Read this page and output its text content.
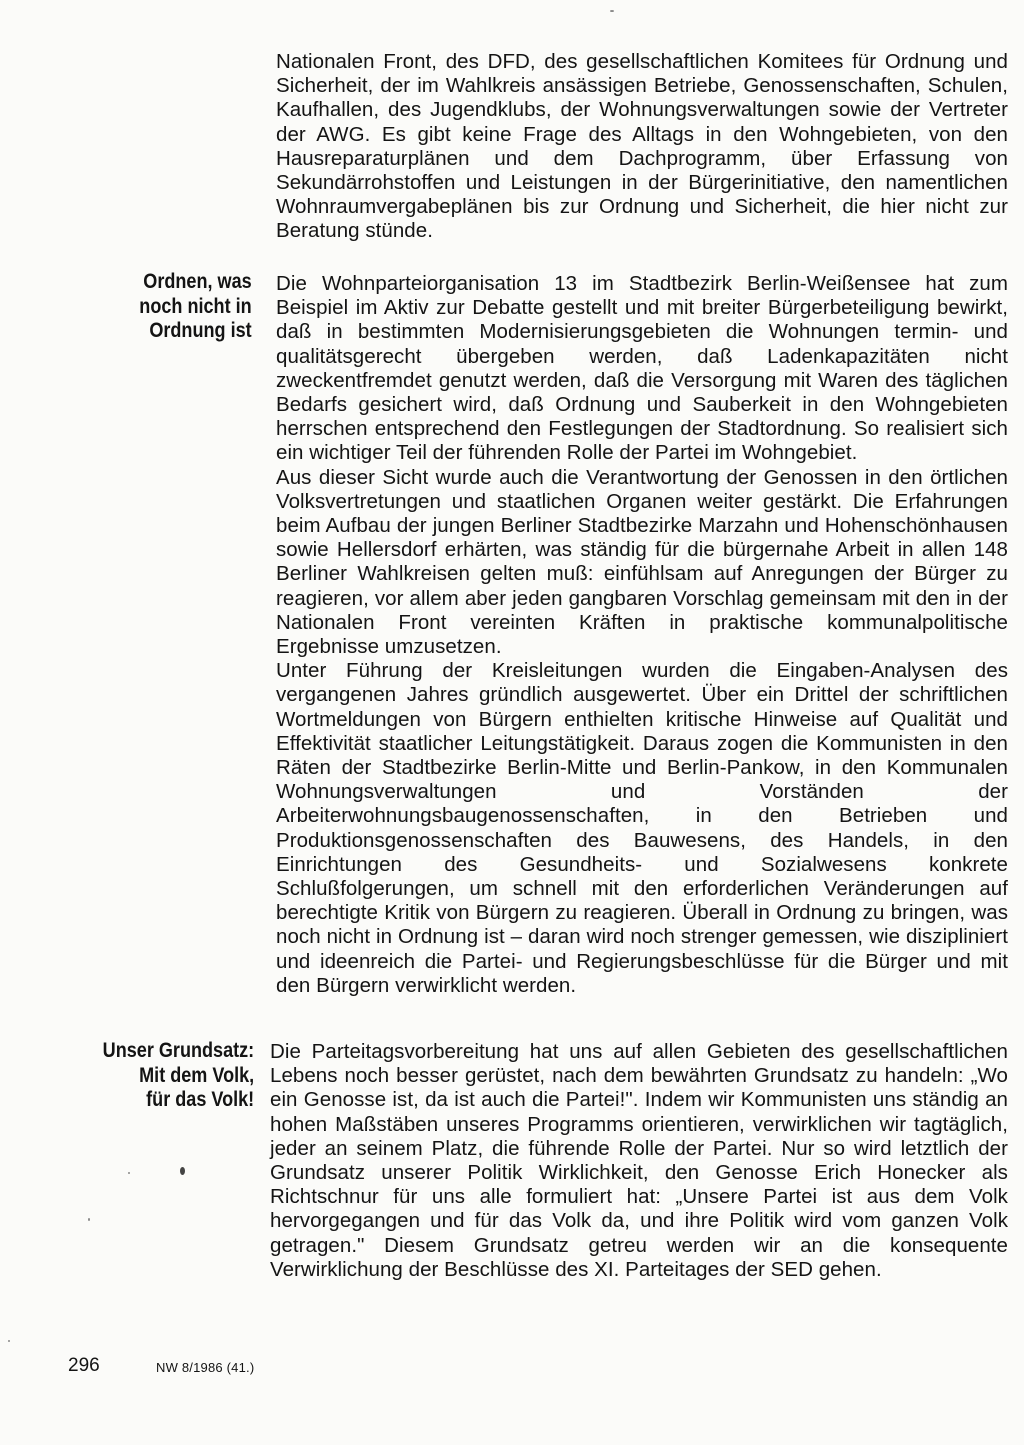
Nationalen Front, des DFD, des gesellschaftlichen Komitees für Ordnung und Sicherheit, der im Wahlkreis ansässigen Betriebe, Genossenschaften, Schulen, Kaufhallen, des Jugendklubs, der Wohnungsverwaltungen sowie der Vertreter der AWG. Es gibt keine Frage des Alltags in den Wohngebieten, von den Hausreparaturplänen und dem Dachprogramm, über Erfassung von Sekundärrohstoffen und Leistungen in der Bürgerinitiative, den namentlichen Wohnraumvergabeplänen bis zur Ordnung und Sicherheit, die hier nicht zur Beratung stünde.

Ordnen, was
noch nicht in
Ordnung ist

Die Wohnparteiorganisation 13 im Stadtbezirk Berlin-Weißensee hat zum Beispiel im Aktiv zur Debatte gestellt und mit breiter Bürgerbeteiligung bewirkt, daß in bestimmten Modernisierungsgebieten die Wohnungen termin- und qualitätsgerecht übergeben werden, daß Ladenkapazitäten nicht zweckentfremdet genutzt werden, daß die Versorgung mit Waren des täglichen Bedarfs gesichert wird, daß Ordnung und Sauberkeit in den Wohngebieten herrschen entsprechend den Festlegungen der Stadtordnung. So realisiert sich ein wichtiger Teil der führenden Rolle der Partei im Wohngebiet.

Aus dieser Sicht wurde auch die Verantwortung der Genossen in den örtlichen Volksvertretungen und staatlichen Organen weiter gestärkt. Die Erfahrungen beim Aufbau der jungen Berliner Stadtbezirke Marzahn und Hohenschönhausen sowie Hellersdorf erhärten, was ständig für die bürgernahe Arbeit in allen 148 Berliner Wahlkreisen gelten muß: einfühlsam auf Anregungen der Bürger zu reagieren, vor allem aber jeden gangbaren Vorschlag gemeinsam mit den in der Nationalen Front vereinten Kräften in praktische kommunalpolitische Ergebnisse umzusetzen.

Unter Führung der Kreisleitungen wurden die Eingaben-Analysen des vergangenen Jahres gründlich ausgewertet. Über ein Drittel der schriftlichen Wortmeldungen von Bürgern enthielten kritische Hinweise auf Qualität und Effektivität staatlicher Leitungstätigkeit. Daraus zogen die Kommunisten in den Räten der Stadtbezirke Berlin-Mitte und Berlin-Pankow, in den Kommunalen Wohnungsverwaltungen und Vorständen der Arbeiterwohnungsbaugenossenschaften, in den Betrieben und Produktionsgenossenschaften des Bauwesens, des Handels, in den Einrichtungen des Gesundheits- und Sozialwesens konkrete Schlußfolgerungen, um schnell mit den erforderlichen Veränderungen auf berechtigte Kritik von Bürgern zu reagieren. Überall in Ordnung zu bringen, was noch nicht in Ordnung ist – daran wird noch strenger gemessen, wie diszipliniert und ideenreich die Partei- und Regierungsbeschlüsse für die Bürger und mit den Bürgern verwirklicht werden.

Unser Grundsatz:
Mit dem Volk,
für das Volk!

Die Parteitagsvorbereitung hat uns auf allen Gebieten des gesellschaftlichen Lebens noch besser gerüstet, nach dem bewährten Grundsatz zu handeln: „Wo ein Genosse ist, da ist auch die Partei!". Indem wir Kommunisten uns ständig an hohen Maßstäben unseres Programms orientieren, verwirklichen wir tagtäglich, jeder an seinem Platz, die führende Rolle der Partei. Nur so wird letztlich der Grundsatz unserer Politik Wirklichkeit, den Genosse Erich Honecker als Richtschnur für uns alle formuliert hat: „Unsere Partei ist aus dem Volk hervorgegangen und für das Volk da, und ihre Politik wird vom ganzen Volk getragen." Diesem Grundsatz getreu werden wir an die konsequente Verwirklichung der Beschlüsse des XI. Parteitages der SED gehen.

296	NW 8/1986 (41.)
